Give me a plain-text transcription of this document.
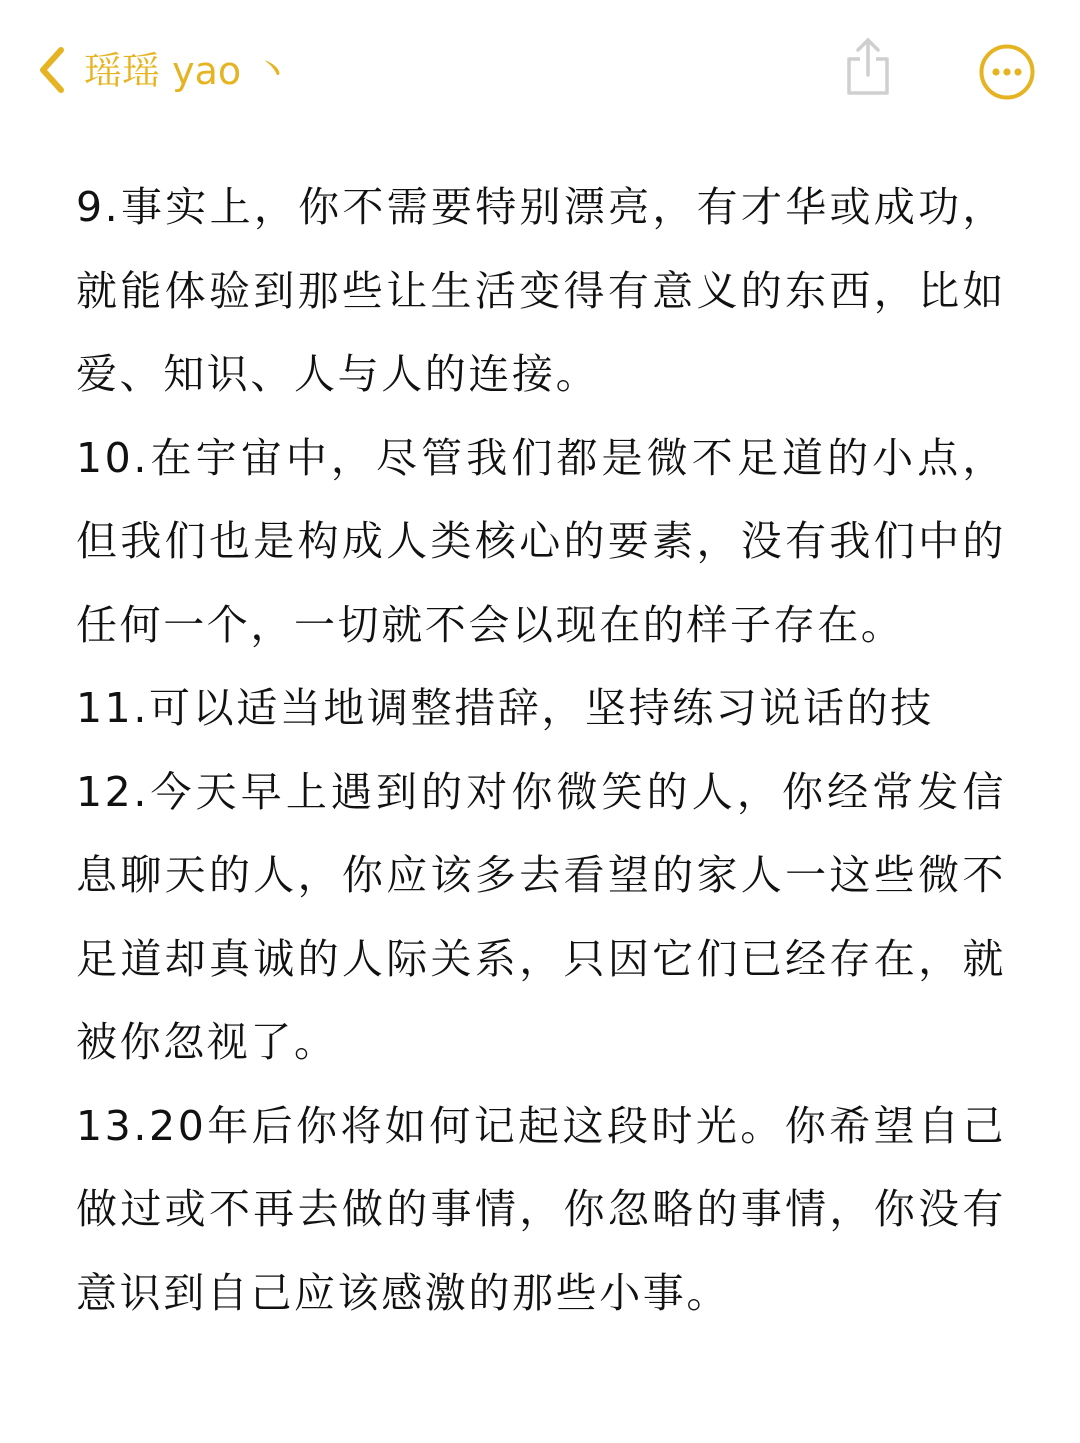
瑶瑶 yao 丶

9.事实上，你不需要特别漂亮，有才华或成功，就能体验到那些让生活变得有意义的东西，比如爱、知识、人与人的连接。

10.在宇宙中，尽管我们都是微不足道的小点，但我们也是构成人类核心的要素，没有我们中的任何一个，一切就不会以现在的样子存在。

11.可以适当地调整措辞，坚持练习说话的技

12.今天早上遇到的对你微笑的人，你经常发信息聊天的人，你应该多去看望的家人一这些微不足道却真诚的人际关系，只因它们已经存在，就被你忽视了。

13.20年后你将如何记起这段时光。你希望自己做过或不再去做的事情，你忽略的事情，你没有意识到自己应该感激的那些小事。
